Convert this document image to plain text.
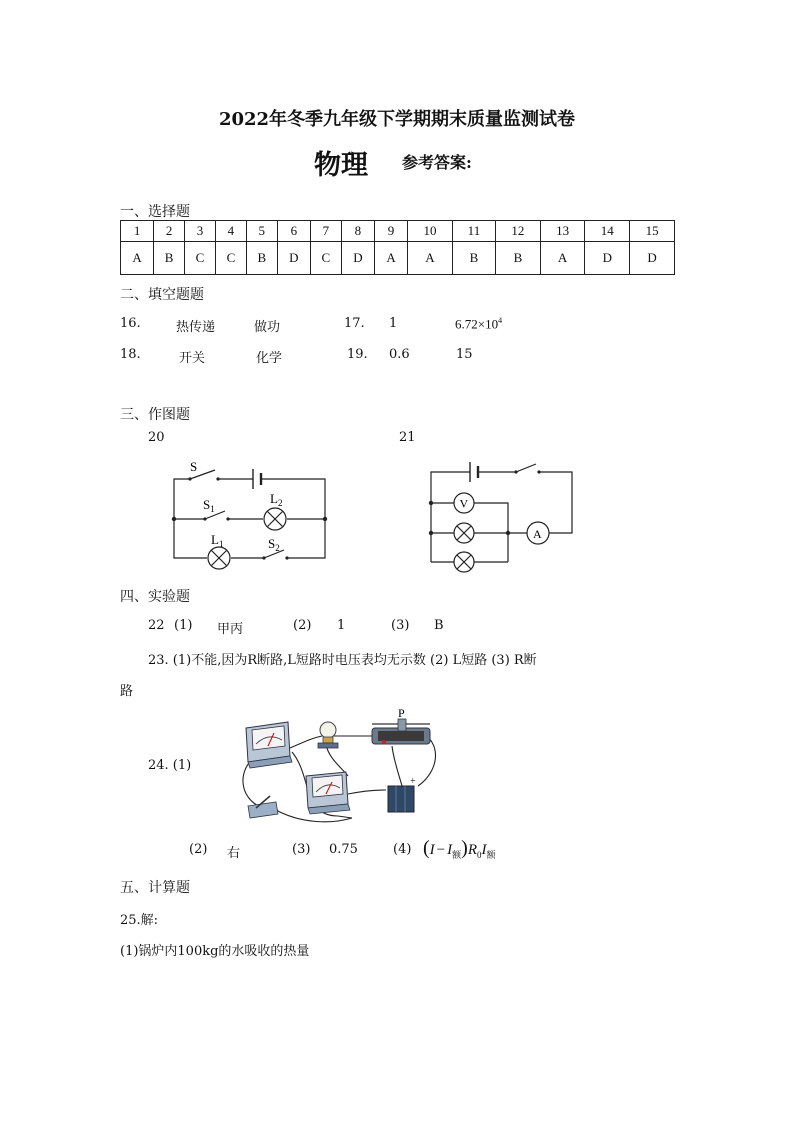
2022年冬季九年级下学期期末质量监测试卷
物理 参考答案:
一、选择题
1	2	3	4	5	6	7	8	9	10	11	12	13	14	15
A	B	C	C	B	D	C	D	A	A	B	B	A	D	D
二、填空题题
16.	热传递	做功	17. 1	$6.72\times 10^4$
18.	开关	化学	19. 0.6	15
三、作图题
20	21
S
$S_1$
$L_2$
$L_1$	$S_2$
V
A
四、实验题
22 (1) 甲丙	(2) 1	(3) B
23. (1)不能,因为R断路,L短路时电压表均无示数 (2) L短路 (3) R断
路
24. (1)
P
+
(2) 右	(3) 0.75	(4) $(I - I_额)R_0I_额$
五、计算题
25.解:
(1)锅炉内100kg的水吸收的热量
